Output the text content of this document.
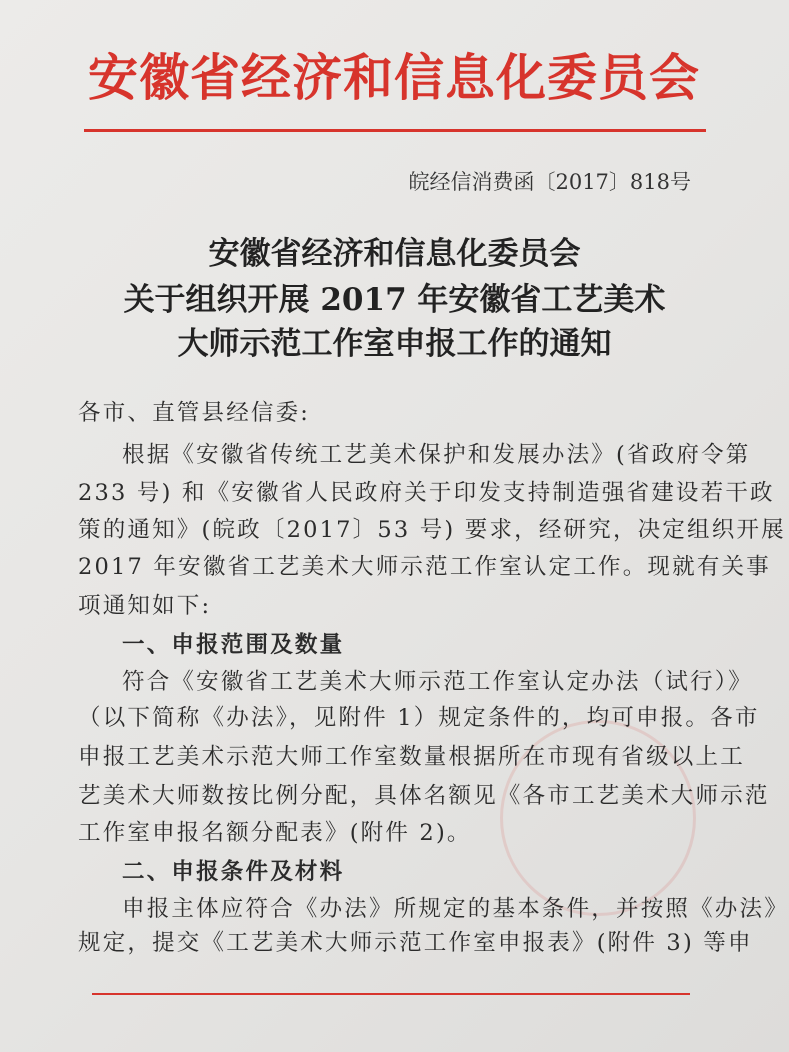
安徽省经济和信息化委员会
皖经信消费函〔2017〕818号
安徽省经济和信息化委员会
关于组织开展 2017 年安徽省工艺美术
大师示范工作室申报工作的通知
各市、直管县经信委:
根据《安徽省传统工艺美术保护和发展办法》(省政府令第
233 号) 和《安徽省人民政府关于印发支持制造强省建设若干政
策的通知》(皖政〔2017〕53 号) 要求，经研究，决定组织开展
2017 年安徽省工艺美术大师示范工作室认定工作。现就有关事
项通知如下:
一、申报范围及数量
符合《安徽省工艺美术大师示范工作室认定办法（试行）》
（以下简称《办法》，见附件 1）规定条件的，均可申报。各市
申报工艺美术示范大师工作室数量根据所在市现有省级以上工
艺美术大师数按比例分配，具体名额见《各市工艺美术大师示范
工作室申报名额分配表》(附件 2)。
二、申报条件及材料
申报主体应符合《办法》所规定的基本条件，并按照《办法》
规定，提交《工艺美术大师示范工作室申报表》(附件 3) 等申
